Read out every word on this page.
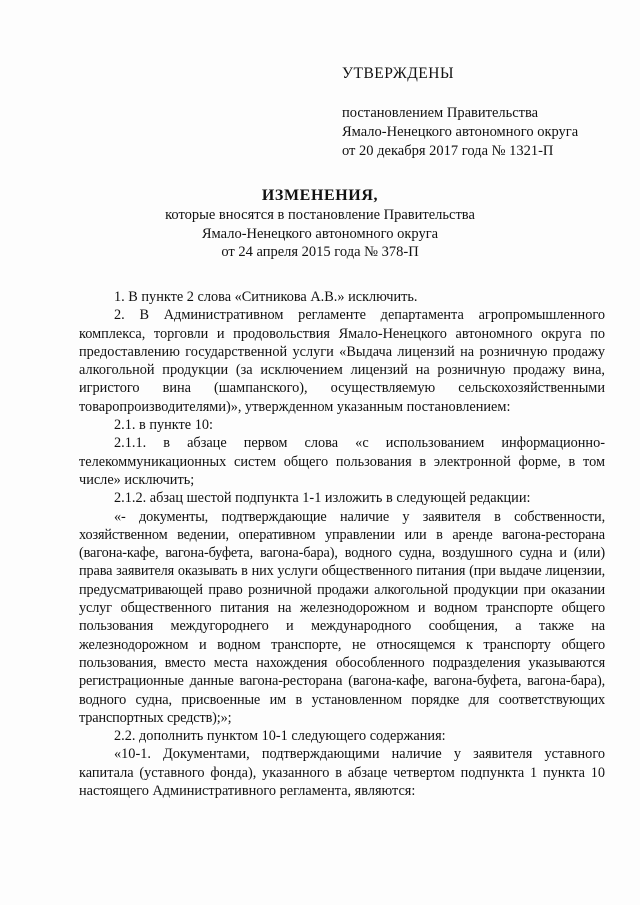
УТВЕРЖДЕНЫ
постановлением Правительства
Ямало-Ненецкого автономного округа
от 20 декабря 2017 года № 1321-П
ИЗМЕНЕНИЯ,
которые вносятся в постановление Правительства
Ямало-Ненецкого автономного округа
от 24 апреля 2015 года № 378-П

1. В пункте 2 слова «Ситникова А.В.» исключить.

2. В Административном регламенте департамента агропромышленного комплекса, торговли и продовольствия Ямало-Ненецкого автономного округа по предоставлению государственной услуги «Выдача лицензий на розничную продажу алкогольной продукции (за исключением лицензий на розничную продажу вина, игристого вина (шампанского), осуществляемую сельскохозяйственными товаропроизводителями)», утвержденном указанным постановлением:

2.1. в пункте 10:

2.1.1. в абзаце первом слова «с использованием информационно-телекоммуникационных систем общего пользования в электронной форме, в том числе» исключить;

2.1.2. абзац шестой подпункта 1-1 изложить в следующей редакции:

«- документы, подтверждающие наличие у заявителя в собственности, хозяйственном ведении, оперативном управлении или в аренде вагона-ресторана (вагона-кафе, вагона-буфета, вагона-бара), водного судна, воздушного судна и (или) права заявителя оказывать в них услуги общественного питания (при выдаче лицензии, предусматривающей право розничной продажи алкогольной продукции при оказании услуг общественного питания на железнодорожном и водном транспорте общего пользования междугороднего и международного сообщения, а также на железнодорожном и водном транспорте, не относящемся к транспорту общего пользования, вместо места нахождения обособленного подразделения указываются регистрационные данные вагона-ресторана (вагона-кафе, вагона-буфета, вагона-бара), водного судна, присвоенные им в установленном порядке для соответствующих транспортных средств);»;

2.2. дополнить пунктом 10-1 следующего содержания:

«10-1. Документами, подтверждающими наличие у заявителя уставного капитала (уставного фонда), указанного в абзаце четвертом подпункта 1 пункта 10 настоящего Административного регламента, являются:
